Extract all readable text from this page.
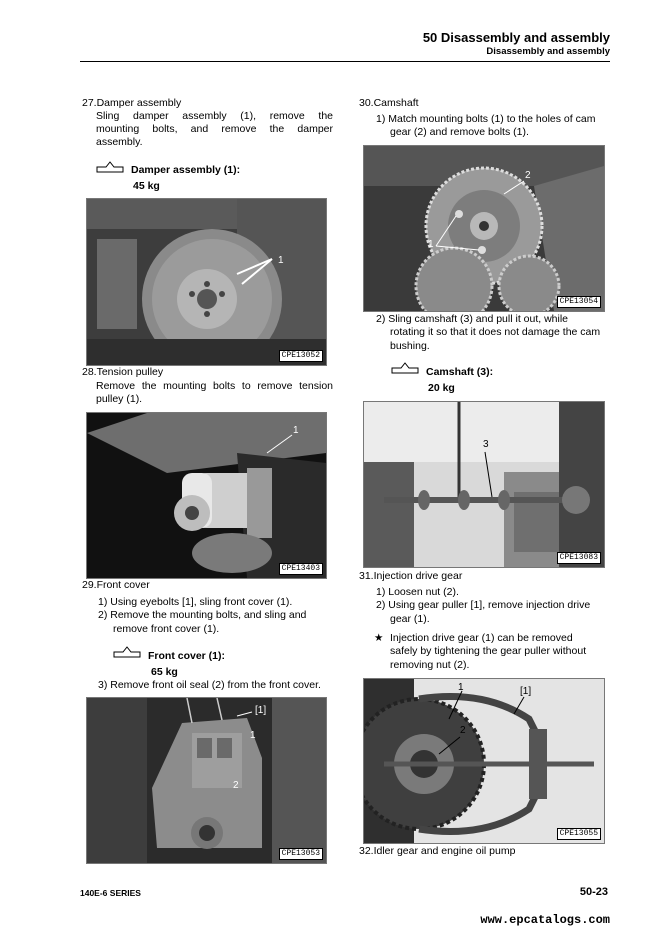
50 Disassembly and assembly
Disassembly and assembly
27.Damper assembly
Sling damper assembly (1), remove the
mounting bolts, and remove the damper
assembly.
Damper assembly (1):
45 kg
1
CPE13052
28.Tension pulley
Remove the mounting bolts to remove tension
pulley (1).
1
CPE13403
29.Front cover
1) Using eyebolts [1], sling front cover (1).
2) Remove the mounting bolts, and sling and
remove front cover (1).
Front cover (1):
65 kg
3) Remove front oil seal (2) from the front cover.
[1]
1
2
CPE13053
30.Camshaft
1) Match mounting bolts (1) to the holes of cam
gear (2) and remove bolts (1).
2
1
CPE13054
2) Sling camshaft (3) and pull it out, while
rotating it so that it does not damage the cam
bushing.
Camshaft (3):
20 kg
3
CPE13083
31.Injection drive gear
1) Loosen nut (2).
2) Using gear puller [1], remove injection drive
gear (1).
★ Injection drive gear (1) can be removed
safely by tightening the gear puller without
removing nut (2).
1	[1]
2
CPE13055
32.Idler gear and engine oil pump
140E-6 SERIES	50-23
www.epcatalogs.com
